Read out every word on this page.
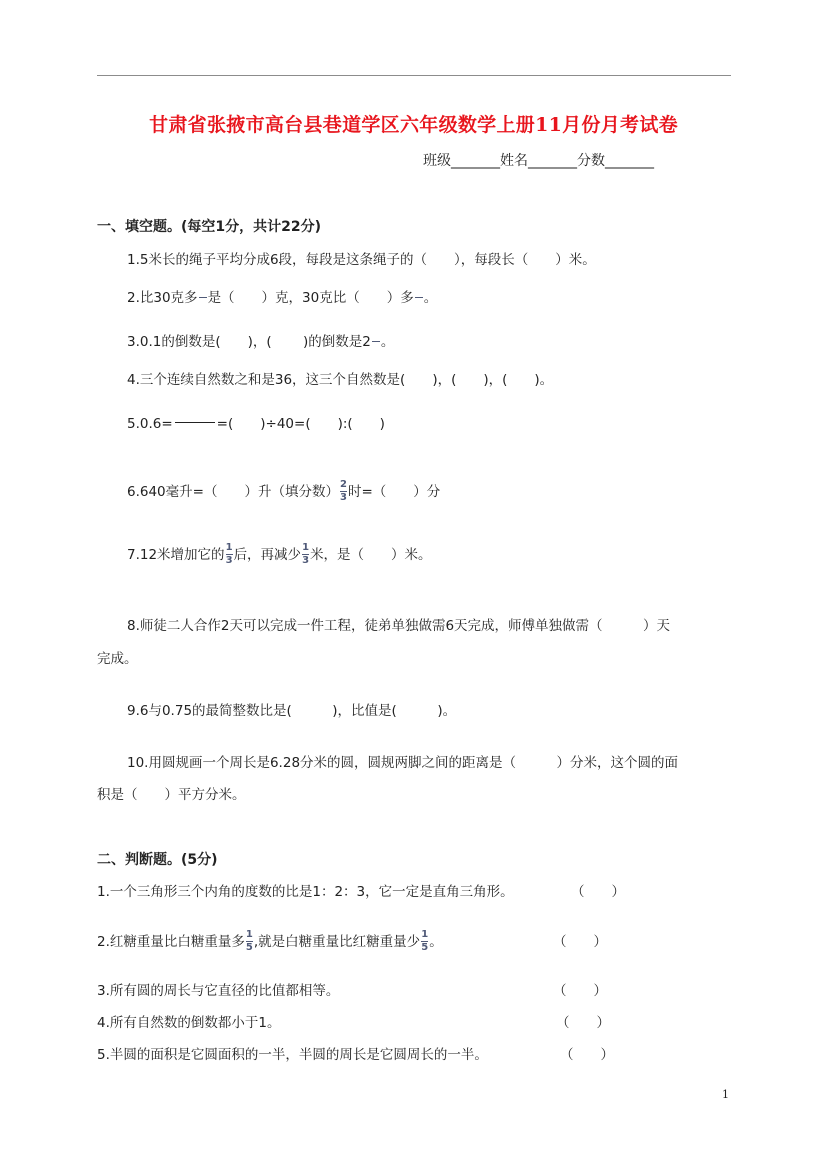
甘肃省张掖市高台县巷道学区六年级数学上册11月份月考试卷
班级_______姓名_______分数_______
一、填空题。(每空1分，共计22分)
1.5米长的绳子平均分成6段，每段是这条绳子的（　　），每段长（　　）米。
2.比30克多

是（　　）克，30克比（　　）多

。
3.0.1的倒数是(　　)，(　　 )的倒数是2

。
4.三个连续自然数之和是36，这三个自然数是(　　)，(　　)，(　　)。
5.0.6=	=(　　)÷40=(　　):(　　)
6.640毫升=（　　）升（填分数） $\frac{2}{3}$ 时=（　　）分
7.12米增加它的 $\frac{1}{3}$ 后，再减少 $\frac{1}{3}$ 米，是（　　）米。
8.师徒二人合作2天可以完成一件工程，徒弟单独做需6天完成，师傅单独做需（　　　）天
完成。
9.6与0.75的最简整数比是(　　　)，比值是(　　　)。
10.用圆规画一个周长是6.28分米的圆，圆规两脚之间的距离是（　　　）分米，这个圆的面
积是（　　）平方分米。
二、判断题。(5分)
1.一个三角形三个内角的度数的比是1：2：3，它一定是直角三角形。	（　　）
2.红糖重量比白糖重量多 $\frac{1}{5}$ ,就是白糖重量比红糖重量少 $\frac{1}{5}$ 。	（　　）
3.所有圆的周长与它直径的比值都相等。	（　　）
4.所有自然数的倒数都小于1。	（　　）
5.半圆的面积是它圆面积的一半，半圆的周长是它圆周长的一半。	（　　）
1
